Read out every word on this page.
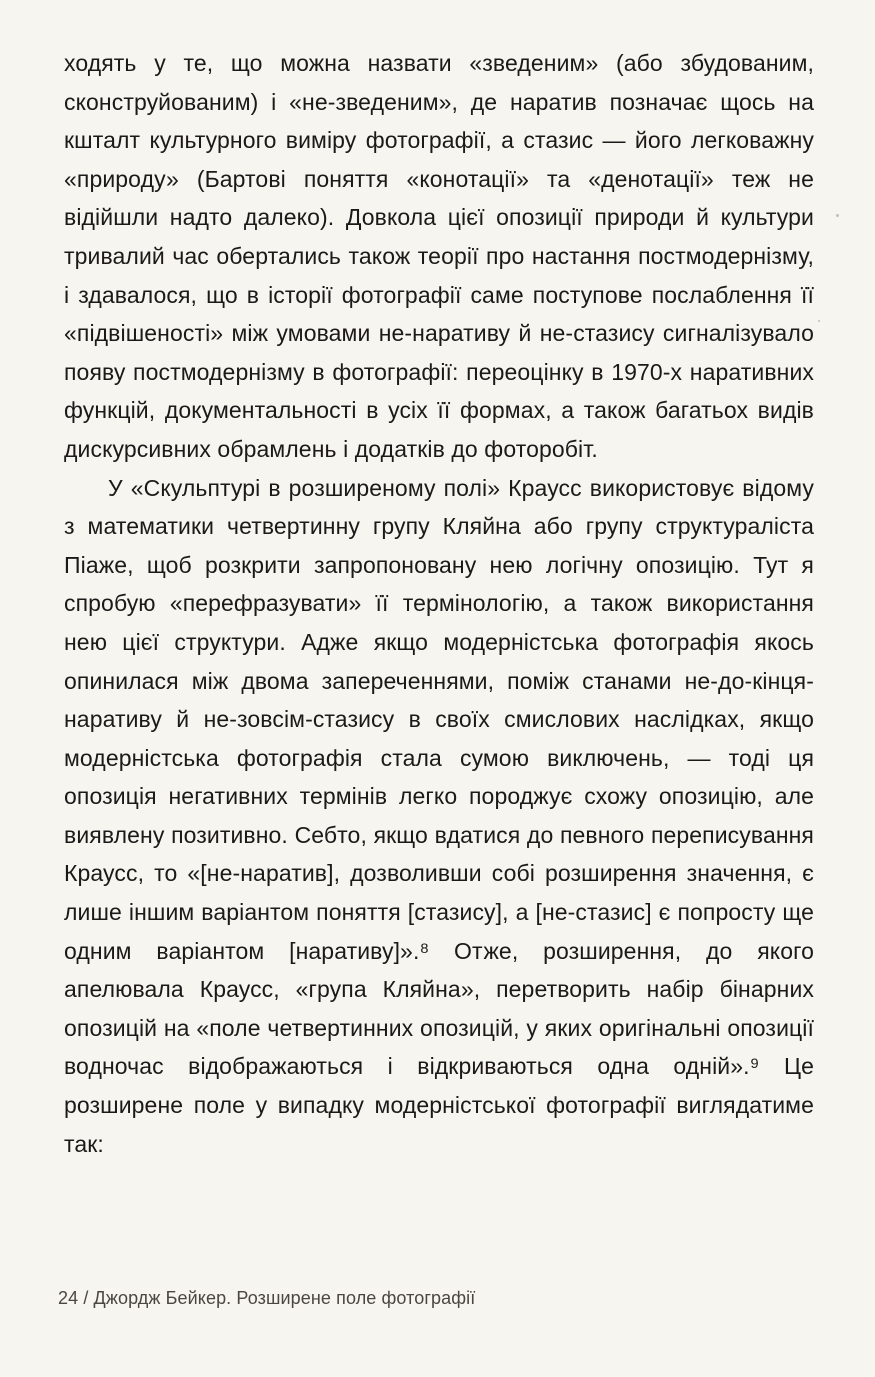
ходять у те, що можна назвати «зведеним» (або збудованим, сконструйованим) і «не-зведеним», де наратив позначає щось на кшталт культурного виміру фотографії, а стазис — його легковажну «природу» (Бартові поняття «конотації» та «денотації» теж не відійшли надто далеко). Довкола цієї опозиції природи й культури тривалий час обертались також теорії про настання постмодернізму, і здавалося, що в історії фотографії саме поступове послаблення її «підвішеності» між умовами не-наративу й не-стазису сигналізувало появу постмодернізму в фотографії: переоцінку в 1970-х наративних функцій, документальності в усіх її формах, а також багатьох видів дискурсивних обрамлень і додатків до фоторобіт.

У «Скульптурі в розширеному полі» Краусс використовує відому з математики четвертинну групу Кляйна або групу структураліста Піаже, щоб розкрити запропоновану нею логічну опозицію. Тут я спробую «перефразувати» її термінологію, а також використання нею цієї структури. Адже якщо модерністська фотографія якось опинилася між двома запереченнями, поміж станами не-до-кінця-наративу й не-зовсім-стазису в своїх смислових наслідках, якщо модерністська фотографія стала сумою виключень, — тоді ця опозиція негативних термінів легко породжує схожу опозицію, але виявлену позитивно. Себто, якщо вдатися до певного переписування Краусс, то «[не-наратив], дозволивши собі розширення значення, є лише іншим варіантом поняття [стазису], а [не-стазис] є попросту ще одним варіантом [наративу]».⁸ Отже, розширення, до якого апелювала Краусс, «група Кляйна», перетворить набір бінарних опозицій на «поле четвертинних опозицій, у яких оригінальні опозиції водночас відображаються і відкриваються одна одній».⁹ Це розширене поле у випадку модерністської фотографії виглядатиме так:

24 / Джордж Бейкер. Розширене поле фотографії
